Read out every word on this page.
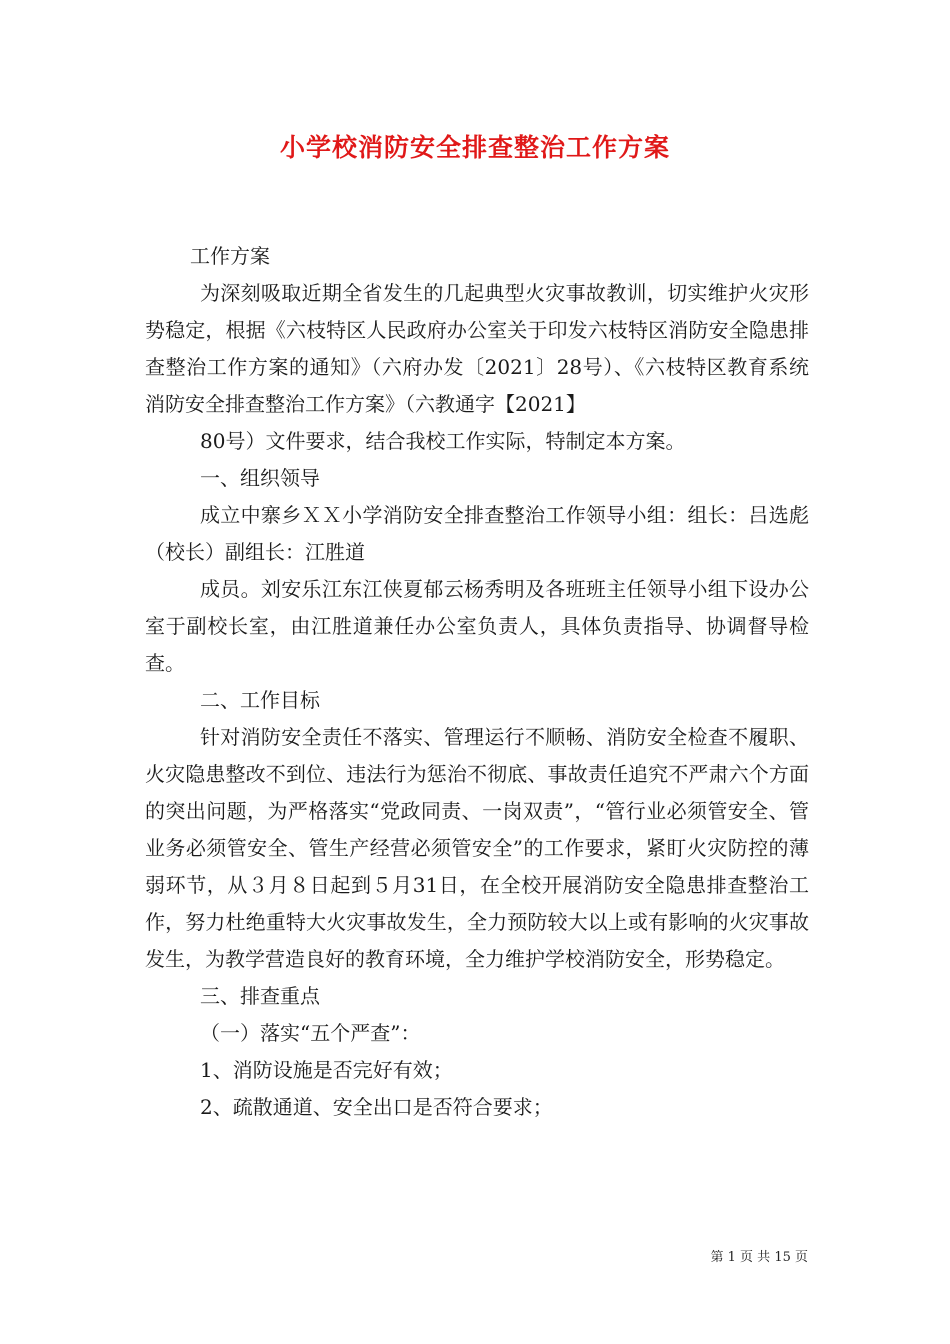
小学校消防安全排查整治工作方案

工作方案

为深刻吸取近期全省发生的几起典型火灾事故教训，切实维护火灾形势稳定，根据《六枝特区人民政府办公室关于印发六枝特区消防安全隐患排查整治工作方案的通知》（六府办发〔2021〕28号）、《六枝特区教育系统消防安全排查整治工作方案》（六教通字【2021】

80号）文件要求，结合我校工作实际，特制定本方案。

一、组织领导

成立中寨乡ＸＸ小学消防安全排查整治工作领导小组：组长：吕选彪（校长）副组长：江胜道

成员。刘安乐江东江侠夏郁云杨秀明及各班班主任领导小组下设办公室于副校长室，由江胜道兼任办公室负责人，具体负责指导、协调督导检查。

二、工作目标

针对消防安全责任不落实、管理运行不顺畅、消防安全检查不履职、火灾隐患整改不到位、违法行为惩治不彻底、事故责任追究不严肃六个方面的突出问题，为严格落实“党政同责、一岗双责”，“管行业必须管安全、管业务必须管安全、管生产经营必须管安全”的工作要求，紧盯火灾防控的薄弱环节，从３月８日起到５月31日，在全校开展消防安全隐患排查整治工作，努力杜绝重特大火灾事故发生，全力预防较大以上或有影响的火灾事故发生，为教学营造良好的教育环境，全力维护学校消防安全，形势稳定。

三、排查重点

（一）落实“五个严查”：

1、消防设施是否完好有效；

2、疏散通道、安全出口是否符合要求；

第 1 页 共 15 页
